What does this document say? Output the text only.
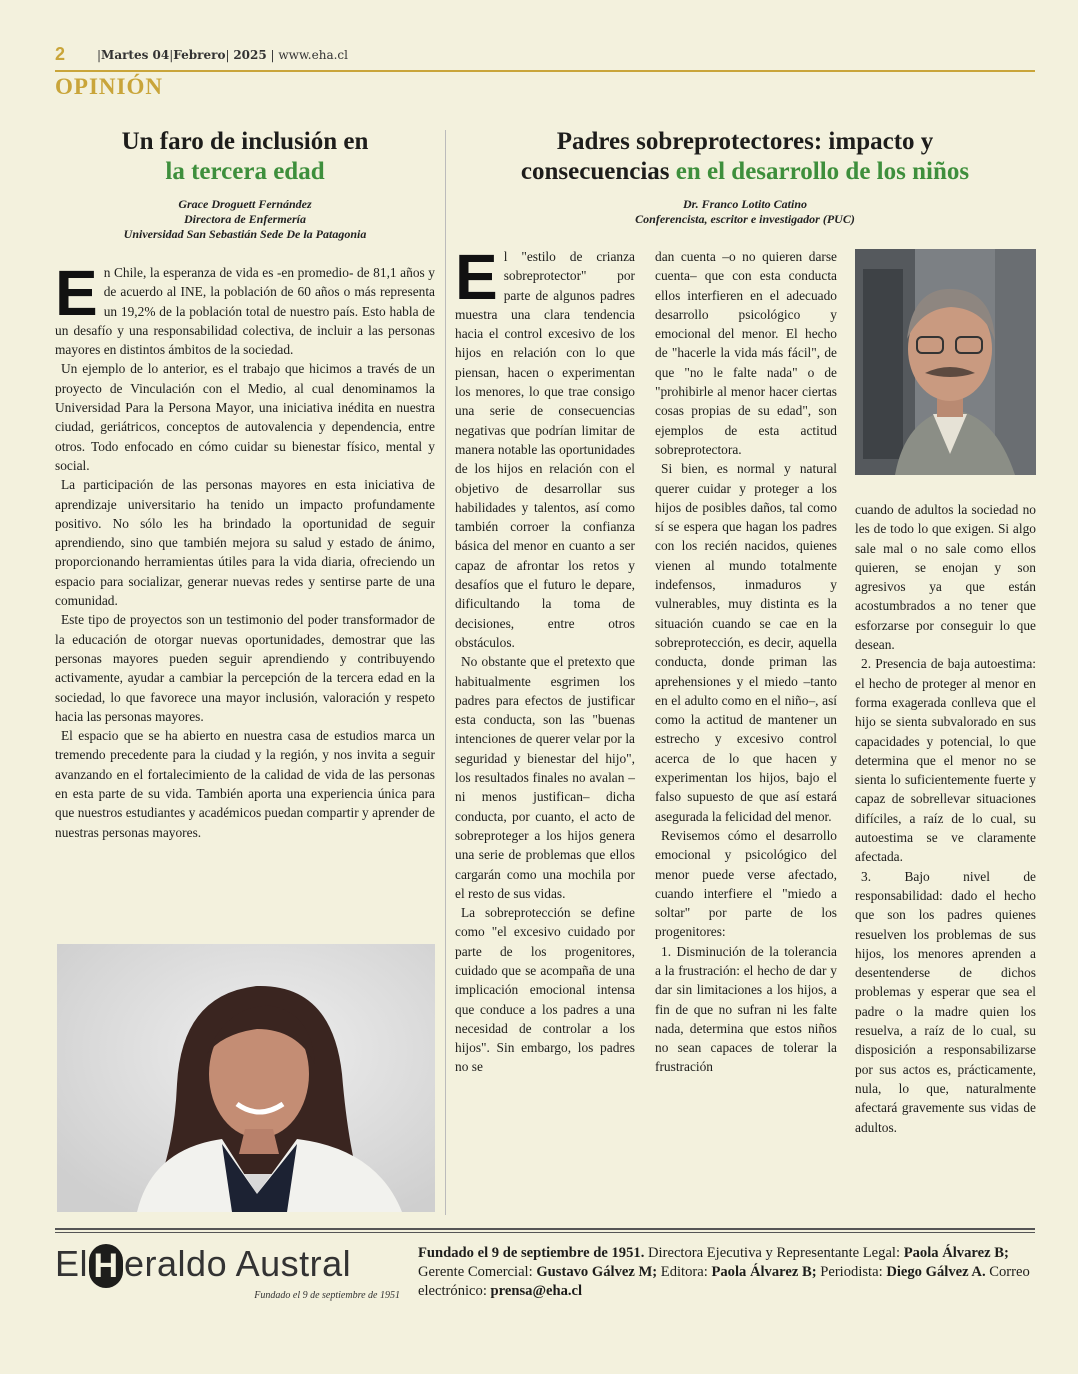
2	|Martes 04|Febrero| 2025 | www.eha.cl
OPINIÓN
Un faro de inclusión en
la tercera edad
Grace Droguett Fernández
Directora de Enfermería
Universidad San Sebastián Sede De la Patagonia
E n Chile, la esperanza de vida es -en promedio- de 81,1 años y de acuerdo al INE, la población de 60 años o más representa un 19,2% de la población total de nuestro país. Esto habla de un desafío y una responsabilidad colectiva, de incluir a las personas mayores en distintos ámbitos de la sociedad.

Un ejemplo de lo anterior, es el trabajo que hicimos a través de un proyecto de Vinculación con el Medio, al cual denominamos la Universidad Para la Persona Mayor, una iniciativa inédita en nuestra ciudad, geriátricos, conceptos de autovalencia y dependencia, entre otros. Todo enfocado en cómo cuidar su bienestar físico, mental y social.

La participación de las personas mayores en esta iniciativa de aprendizaje universitario ha tenido un impacto profundamente positivo. No sólo les ha brindado la oportunidad de seguir aprendiendo, sino que también mejora su salud y estado de ánimo, proporcionando herramientas útiles para la vida diaria, ofreciendo un espacio para socializar, generar nuevas redes y sentirse parte de una comunidad.

Este tipo de proyectos son un testimonio del poder transformador de la educación de otorgar nuevas oportunidades, demostrar que las personas mayores pueden seguir aprendiendo y contribuyendo activamente, ayudar a cambiar la percepción de la tercera edad en la sociedad, lo que favorece una mayor inclusión, valoración y respeto hacia las personas mayores.

El espacio que se ha abierto en nuestra casa de estudios marca un tremendo precedente para la ciudad y la región, y nos invita a seguir avanzando en el fortalecimiento de la calidad de vida de las personas en esta parte de su vida. También aporta una experiencia única para que nuestros estudiantes y académicos puedan compartir y aprender de nuestras personas mayores.

Padres sobreprotectores: impacto y
consecuencias en el desarrollo de los niños
Dr. Franco Lotito Catino
Conferencista, escritor e investigador (PUC)
E l "estilo de crianza sobreprotector" por parte de algunos padres muestra una clara tendencia hacia el control excesivo de los hijos en relación con lo que piensan, hacen o experimentan los menores, lo que trae consigo una serie de consecuencias negativas que podrían limitar de manera notable las oportunidades de los hijos en relación con el objetivo de desarrollar sus habilidades y talentos, así como también corroer la confianza básica del menor en cuanto a ser capaz de afrontar los retos y desafíos que el futuro le depare, dificultando la toma de decisiones, entre otros obstáculos.

No obstante que el pretexto que habitualmente esgrimen los padres para efectos de justificar esta conducta, son las "buenas intenciones de querer velar por la seguridad y bienestar del hijo", los resultados finales no avalan –ni menos justifican– dicha conducta, por cuanto, el acto de sobreproteger a los hijos genera una serie de problemas que ellos cargarán como una mochila por el resto de sus vidas.

La sobreprotección se define como "el excesivo cuidado por parte de los progenitores, cuidado que se acompaña de una implicación emocional intensa que conduce a los padres a una necesidad de controlar a los hijos". Sin embargo, los padres no se

dan cuenta –o no quieren darse cuenta– que con esta conducta ellos interfieren en el adecuado desarrollo psicológico y emocional del menor. El hecho de "hacerle la vida más fácil", de que "no le falte nada" o de "prohibirle al menor hacer ciertas cosas propias de su edad", son ejemplos de esta actitud sobreprotectora.

Si bien, es normal y natural querer cuidar y proteger a los hijos de posibles daños, tal como sí se espera que hagan los padres con los recién nacidos, quienes vienen al mundo totalmente indefensos, inmaduros y vulnerables, muy distinta es la situación cuando se cae en la sobreprotección, es decir, aquella conducta, donde priman las aprehensiones y el miedo –tanto en el adulto como en el niño–, así como la actitud de mantener un estrecho y excesivo control acerca de lo que hacen y experimentan los hijos, bajo el falso supuesto de que así estará asegurada la felicidad del menor.

Revisemos cómo el desarrollo emocional y psicológico del menor puede verse afectado, cuando interfiere el "miedo a soltar" por parte de los progenitores:

1. Disminución de la tolerancia a la frustración: el hecho de dar y dar sin limitaciones a los hijos, a fin de que no sufran ni les falte nada, determina que estos niños no sean capaces de tolerar la frustración

cuando de adultos la sociedad no les de todo lo que exigen. Si algo sale mal o no sale como ellos quieren, se enojan y son agresivos ya que están acostumbrados a no tener que esforzarse por conseguir lo que desean.

2. Presencia de baja autoestima: el hecho de proteger al menor en forma exagerada conlleva que el hijo se sienta subvalorado en sus capacidades y potencial, lo que determina que el menor no se sienta lo suficientemente fuerte y capaz de sobrellevar situaciones difíciles, a raíz de lo cual, su autoestima se ve claramente afectada.

3. Bajo nivel de responsabilidad: dado el hecho que son los padres quienes resuelven los problemas de sus hijos, los menores aprenden a desentenderse de dichos problemas y esperar que sea el padre o la madre quien los resuelva, a raíz de lo cual, su disposición a responsabilizarse por sus actos es, prácticamente, nula, lo que, naturalmente afectará gravemente sus vidas de adultos.

El H eraldo Austral
Fundado el 9 de septiembre de 1951
Fundado el 9 de septiembre de 1951. Directora Ejecutiva y Representante Legal: Paola Álvarez B; Gerente Comercial: Gustavo Gálvez M; Editora: Paola Álvarez B; Periodista: Diego Gálvez A. Correo electrónico: prensa@eha.cl
